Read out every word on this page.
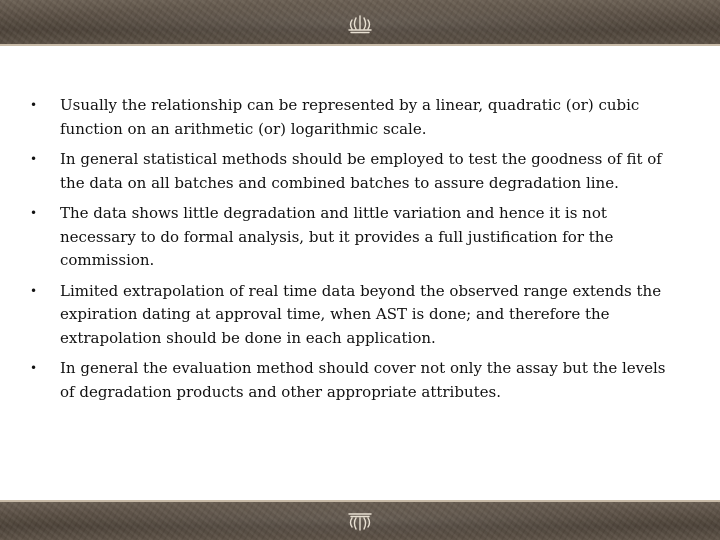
• Usually the relationship can be represented by a linear, quadratic (or) cubic function on an arithmetic (or) logarithmic scale.
• In general statistical methods should be employed to test the goodness of fit of the data on all batches and combined batches to assure degradation line.
• The data shows little degradation and little variation and hence it is not necessary to do formal analysis, but it provides a full justification for the commission.
• Limited extrapolation of real time data beyond the observed range extends the expiration dating at approval time, when AST is done; and therefore the extrapolation should be done in each application.
• In general the evaluation method should cover not only the assay but the levels of degradation products and other appropriate attributes.
